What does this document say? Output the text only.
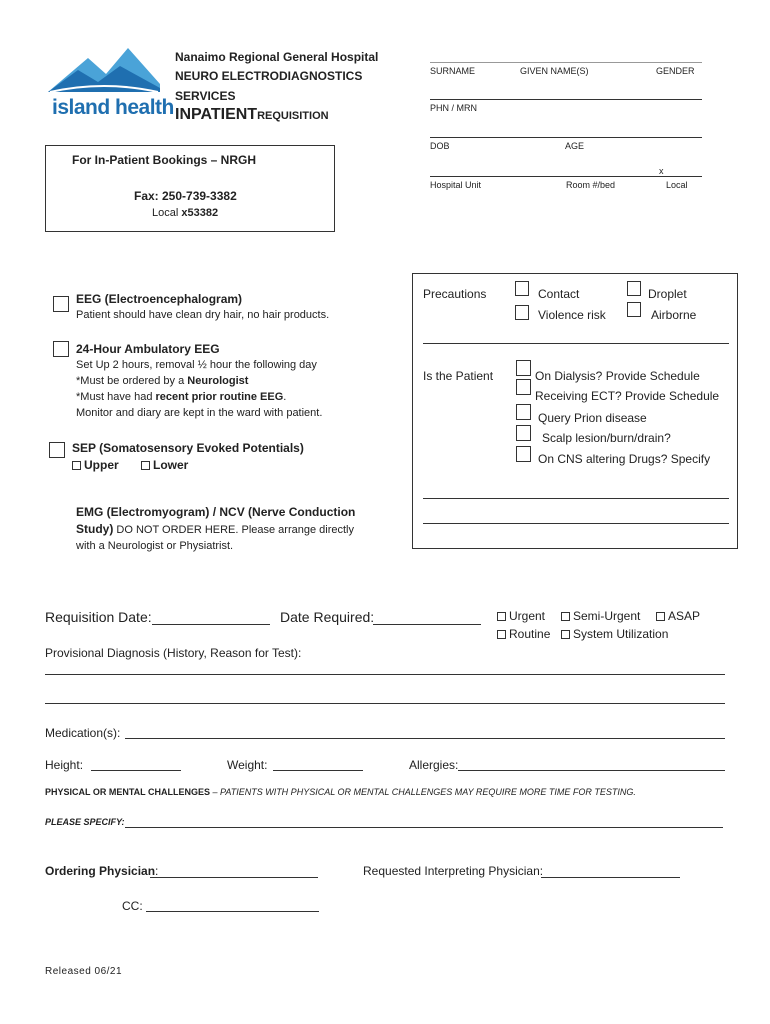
island health
Nanaimo Regional General Hospital
NEURO ELECTRODIAGNOSTICS
SERVICES
INPATIENTREQUISITION
SURNAME	GIVEN NAME(S)	GENDER
PHN / MRN
DOB	AGE
x
Hospital Unit	Room #/bed	Local
For In-Patient Bookings – NRGH
Fax: 250-739-3382
Local x53382
EEG (Electroencephalogram)
Patient should have clean dry hair, no hair products.
24-Hour Ambulatory EEG
Set Up 2 hours, removal ½ hour the following day
*Must be ordered by a Neurologist
*Must have had recent prior routine EEG.
Monitor and diary are kept in the ward with patient.
SEP (Somatosensory Evoked Potentials)
Upper	Lower
EMG (Electromyogram) / NCV (Nerve Conduction
Study) DO NOT ORDER HERE. Please arrange directly
with a Neurologist or Physiatrist.
Precautions	Contact	Droplet
Violence risk	Airborne
Is the Patient	On Dialysis? Provide Schedule
Receiving ECT? Provide Schedule
Query Prion disease
Scalp lesion/burn/drain?
On CNS altering Drugs? Specify
Requisition Date:	Date Required:	Urgent	Semi-Urgent	ASAP
Routine	System Utilization
Provisional Diagnosis (History, Reason for Test):
Medication(s):
Height:	Weight:	Allergies:
PHYSICAL OR MENTAL CHALLENGES – PATIENTS WITH PHYSICAL OR MENTAL CHALLENGES MAY REQUIRE MORE TIME FOR TESTING.
PLEASE SPECIFY:
Ordering Physician:	Requested Interpreting Physician:
CC:
Released 06/21
